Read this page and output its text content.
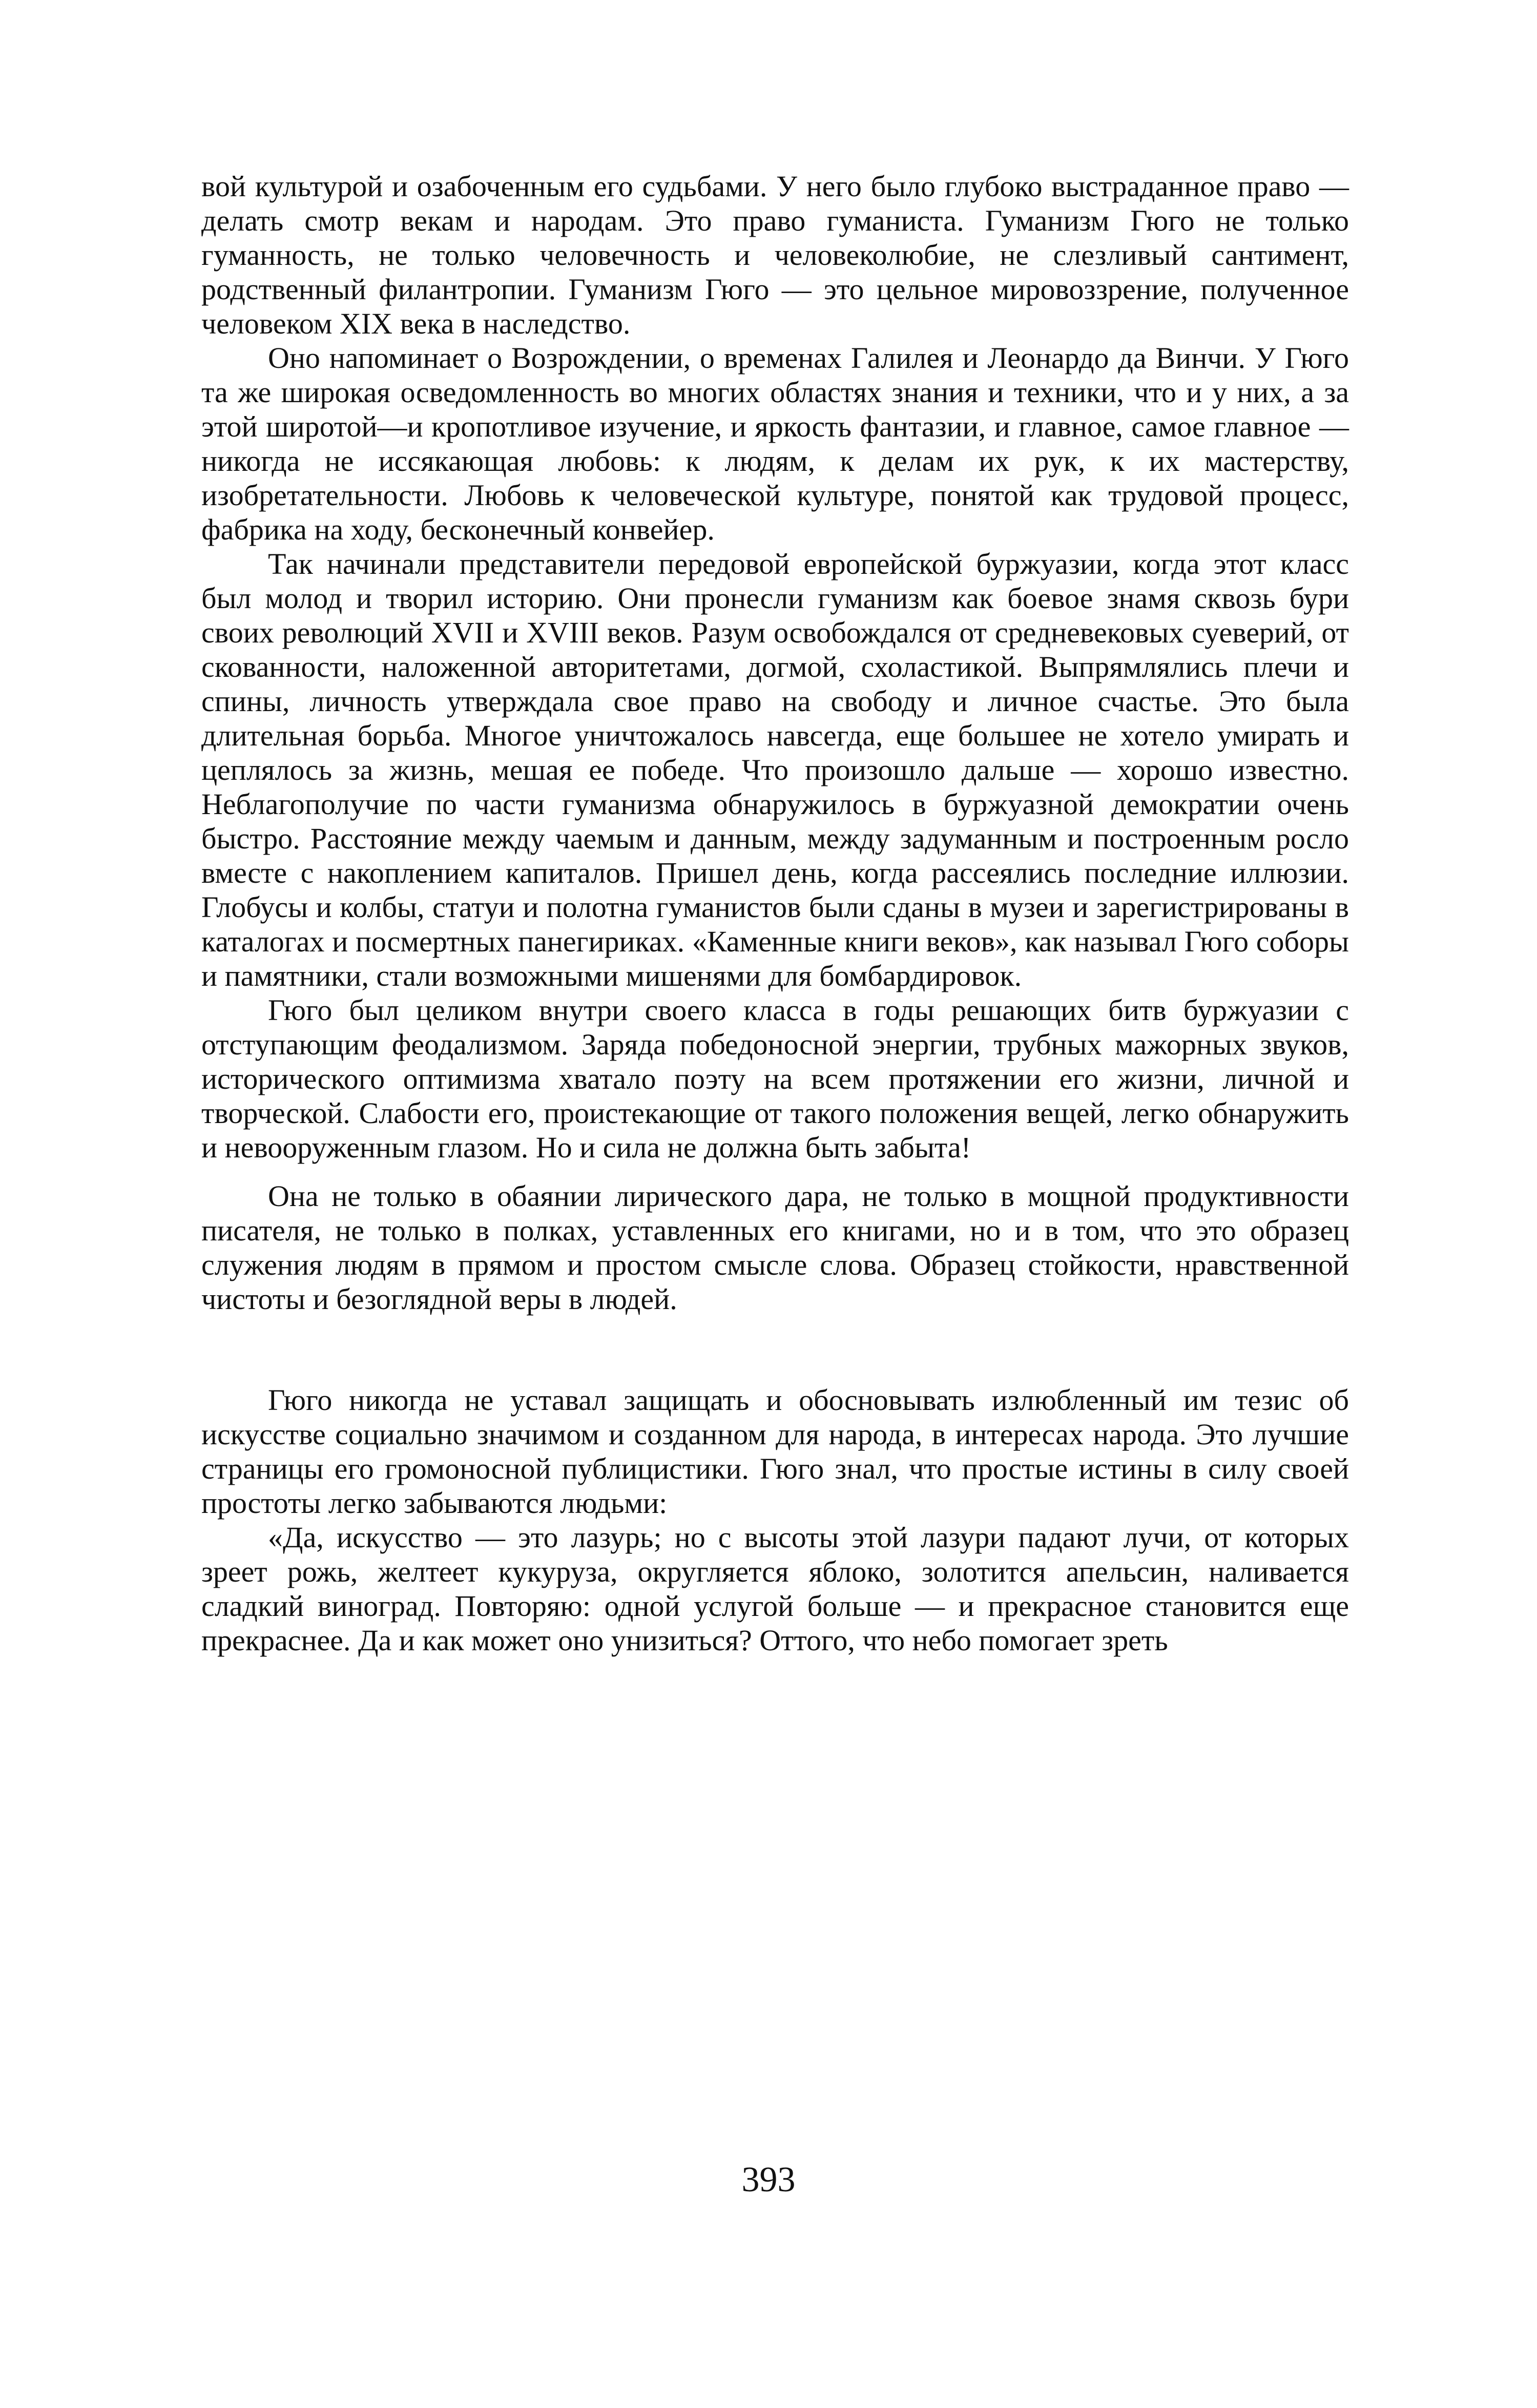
вой культурой и озабоченным его судьбами. У него было глубоко выстраданное право — делать смотр векам и народам. Это право гуманиста. Гуманизм Гюго не только гуманность, не только человечность и человеколюбие, не слезливый сантимент, родственный филантропии. Гуманизм Гюго — это цельное мировоззрение, полученное человеком XIX века в наследство.

Оно напоминает о Возрождении, о временах Галилея и Леонардо да Винчи. У Гюго та же широкая осведомленность во многих областях знания и техники, что и у них, а за этой широтой—и кропотливое изучение, и яркость фантазии, и главное, самое главное — никогда не иссякающая любовь: к людям, к делам их рук, к их мастерству, изобретательности. Любовь к человеческой культуре, понятой как трудовой процесс, фабрика на ходу, бесконечный конвейер.

Так начинали представители передовой европейской буржуазии, когда этот класс был молод и творил историю. Они пронесли гуманизм как боевое знамя сквозь бури своих революций XVII и XVIII веков. Разум освобождался от средневековых суеверий, от скованности, наложенной авторитетами, догмой, схоластикой. Выпрямлялись плечи и спины, личность утверждала свое право на свободу и личное счастье. Это была длительная борьба. Многое уничтожалось навсегда, еще большее не хотело умирать и цеплялось за жизнь, мешая ее победе. Что произошло дальше — хорошо известно. Неблагополучие по части гуманизма обнаружилось в буржуазной демократии очень быстро. Расстояние между чаемым и данным, между задуманным и построенным росло вместе с накоплением капиталов. Пришел день, когда рассеялись последние иллюзии. Глобусы и колбы, статуи и полотна гуманистов были сданы в музеи и зарегистрированы в каталогах и посмертных панегириках. «Каменные книги веков», как называл Гюго соборы и памятники, стали возможными мишенями для бомбардировок.

Гюго был целиком внутри своего класса в годы решающих битв буржуазии с отступающим феодализмом. Заряда победоносной энергии, трубных мажорных звуков, исторического оптимизма хватало поэту на всем протяжении его жизни, личной и творческой. Слабости его, проистекающие от такого положения вещей, легко обнаружить и невооруженным глазом. Но и сила не должна быть забыта!

Она не только в обаянии лирического дара, не только в мощной продуктивности писателя, не только в полках, уставленных его книгами, но и в том, что это образец служения людям в прямом и простом смысле слова. Образец стойкости, нравственной чистоты и безоглядной веры в людей.

Гюго никогда не уставал защищать и обосновывать излюбленный им тезис об искусстве социально значимом и созданном для народа, в интересах народа. Это лучшие страницы его громоносной публицистики. Гюго знал, что простые истины в силу своей простоты легко забываются людьми:

«Да, искусство — это лазурь; но с высоты этой лазури падают лучи, от которых зреет рожь, желтеет кукуруза, округляется яблоко, золотится апельсин, наливается сладкий виноград. Повторяю: одной услугой больше — и прекрасное становится еще прекраснее. Да и как может оно унизиться? Оттого, что небо помогает зреть

393
